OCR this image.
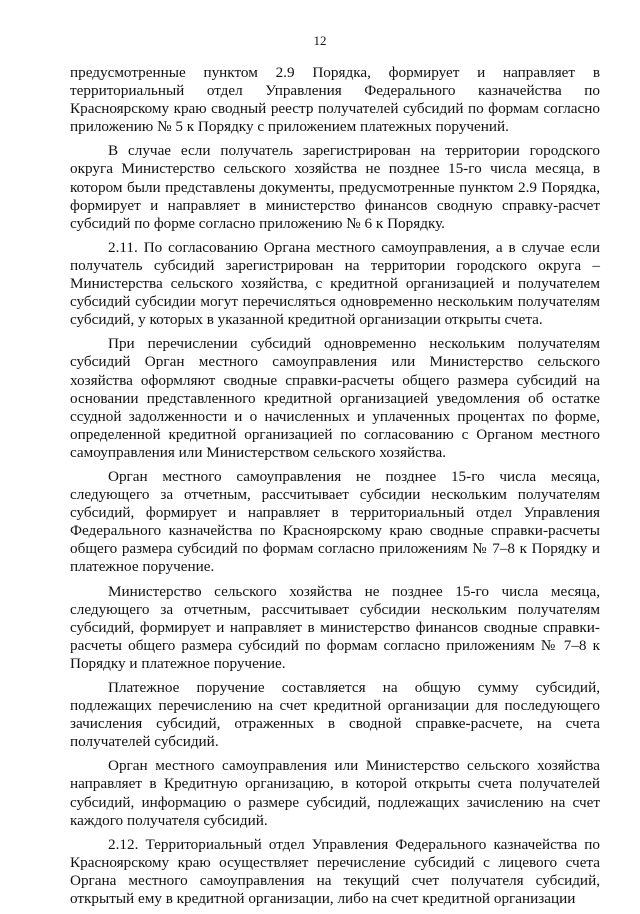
12

предусмотренные пунктом 2.9 Порядка, формирует и направляет в территориальный отдел Управления Федерального казначейства по Красноярскому краю сводный реестр получателей субсидий по формам согласно приложению № 5 к Порядку с приложением платежных поручений.

В случае если получатель зарегистрирован на территории городского округа Министерство сельского хозяйства не позднее 15-го числа месяца, в котором были представлены документы, предусмотренные пунктом 2.9 Порядка, формирует и направляет в министерство финансов сводную справку-расчет субсидий по форме согласно приложению № 6 к Порядку.

2.11. По согласованию Органа местного самоуправления, а в случае если получатель субсидий зарегистрирован на территории городского округа – Министерства сельского хозяйства, с кредитной организацией и получателем субсидий субсидии могут перечисляться одновременно нескольким получателям субсидий, у которых в указанной кредитной организации открыты счета.

При перечислении субсидий одновременно нескольким получателям субсидий Орган местного самоуправления или Министерство сельского хозяйства оформляют сводные справки-расчеты общего размера субсидий на основании представленного кредитной организацией уведомления об остатке ссудной задолженности и о начисленных и уплаченных процентах по форме, определенной кредитной организацией по согласованию с Органом местного самоуправления или Министерством сельского хозяйства.

Орган местного самоуправления не позднее 15-го числа месяца, следующего за отчетным, рассчитывает субсидии нескольким получателям субсидий, формирует и направляет в территориальный отдел Управления Федерального казначейства по Красноярскому краю сводные справки-расчеты общего размера субсидий по формам согласно приложениям № 7–8 к Порядку и платежное поручение.

Министерство сельского хозяйства не позднее 15-го числа месяца, следующего за отчетным, рассчитывает субсидии нескольким получателям субсидий, формирует и направляет в министерство финансов сводные справки-расчеты общего размера субсидий по формам согласно приложениям № 7–8 к Порядку и платежное поручение.

Платежное поручение составляется на общую сумму субсидий, подлежащих перечислению на счет кредитной организации для последующего зачисления субсидий, отраженных в сводной справке-расчете, на счета получателей субсидий.

Орган местного самоуправления или Министерство сельского хозяйства направляет в Кредитную организацию, в которой открыты счета получателей субсидий, информацию о размере субсидий, подлежащих зачислению на счет каждого получателя субсидий.

2.12. Территориальный отдел Управления Федерального казначейства по Красноярскому краю осуществляет перечисление субсидий с лицевого счета Органа местного самоуправления на текущий счет получателя субсидий, открытый ему в кредитной организации, либо на счет кредитной организации
